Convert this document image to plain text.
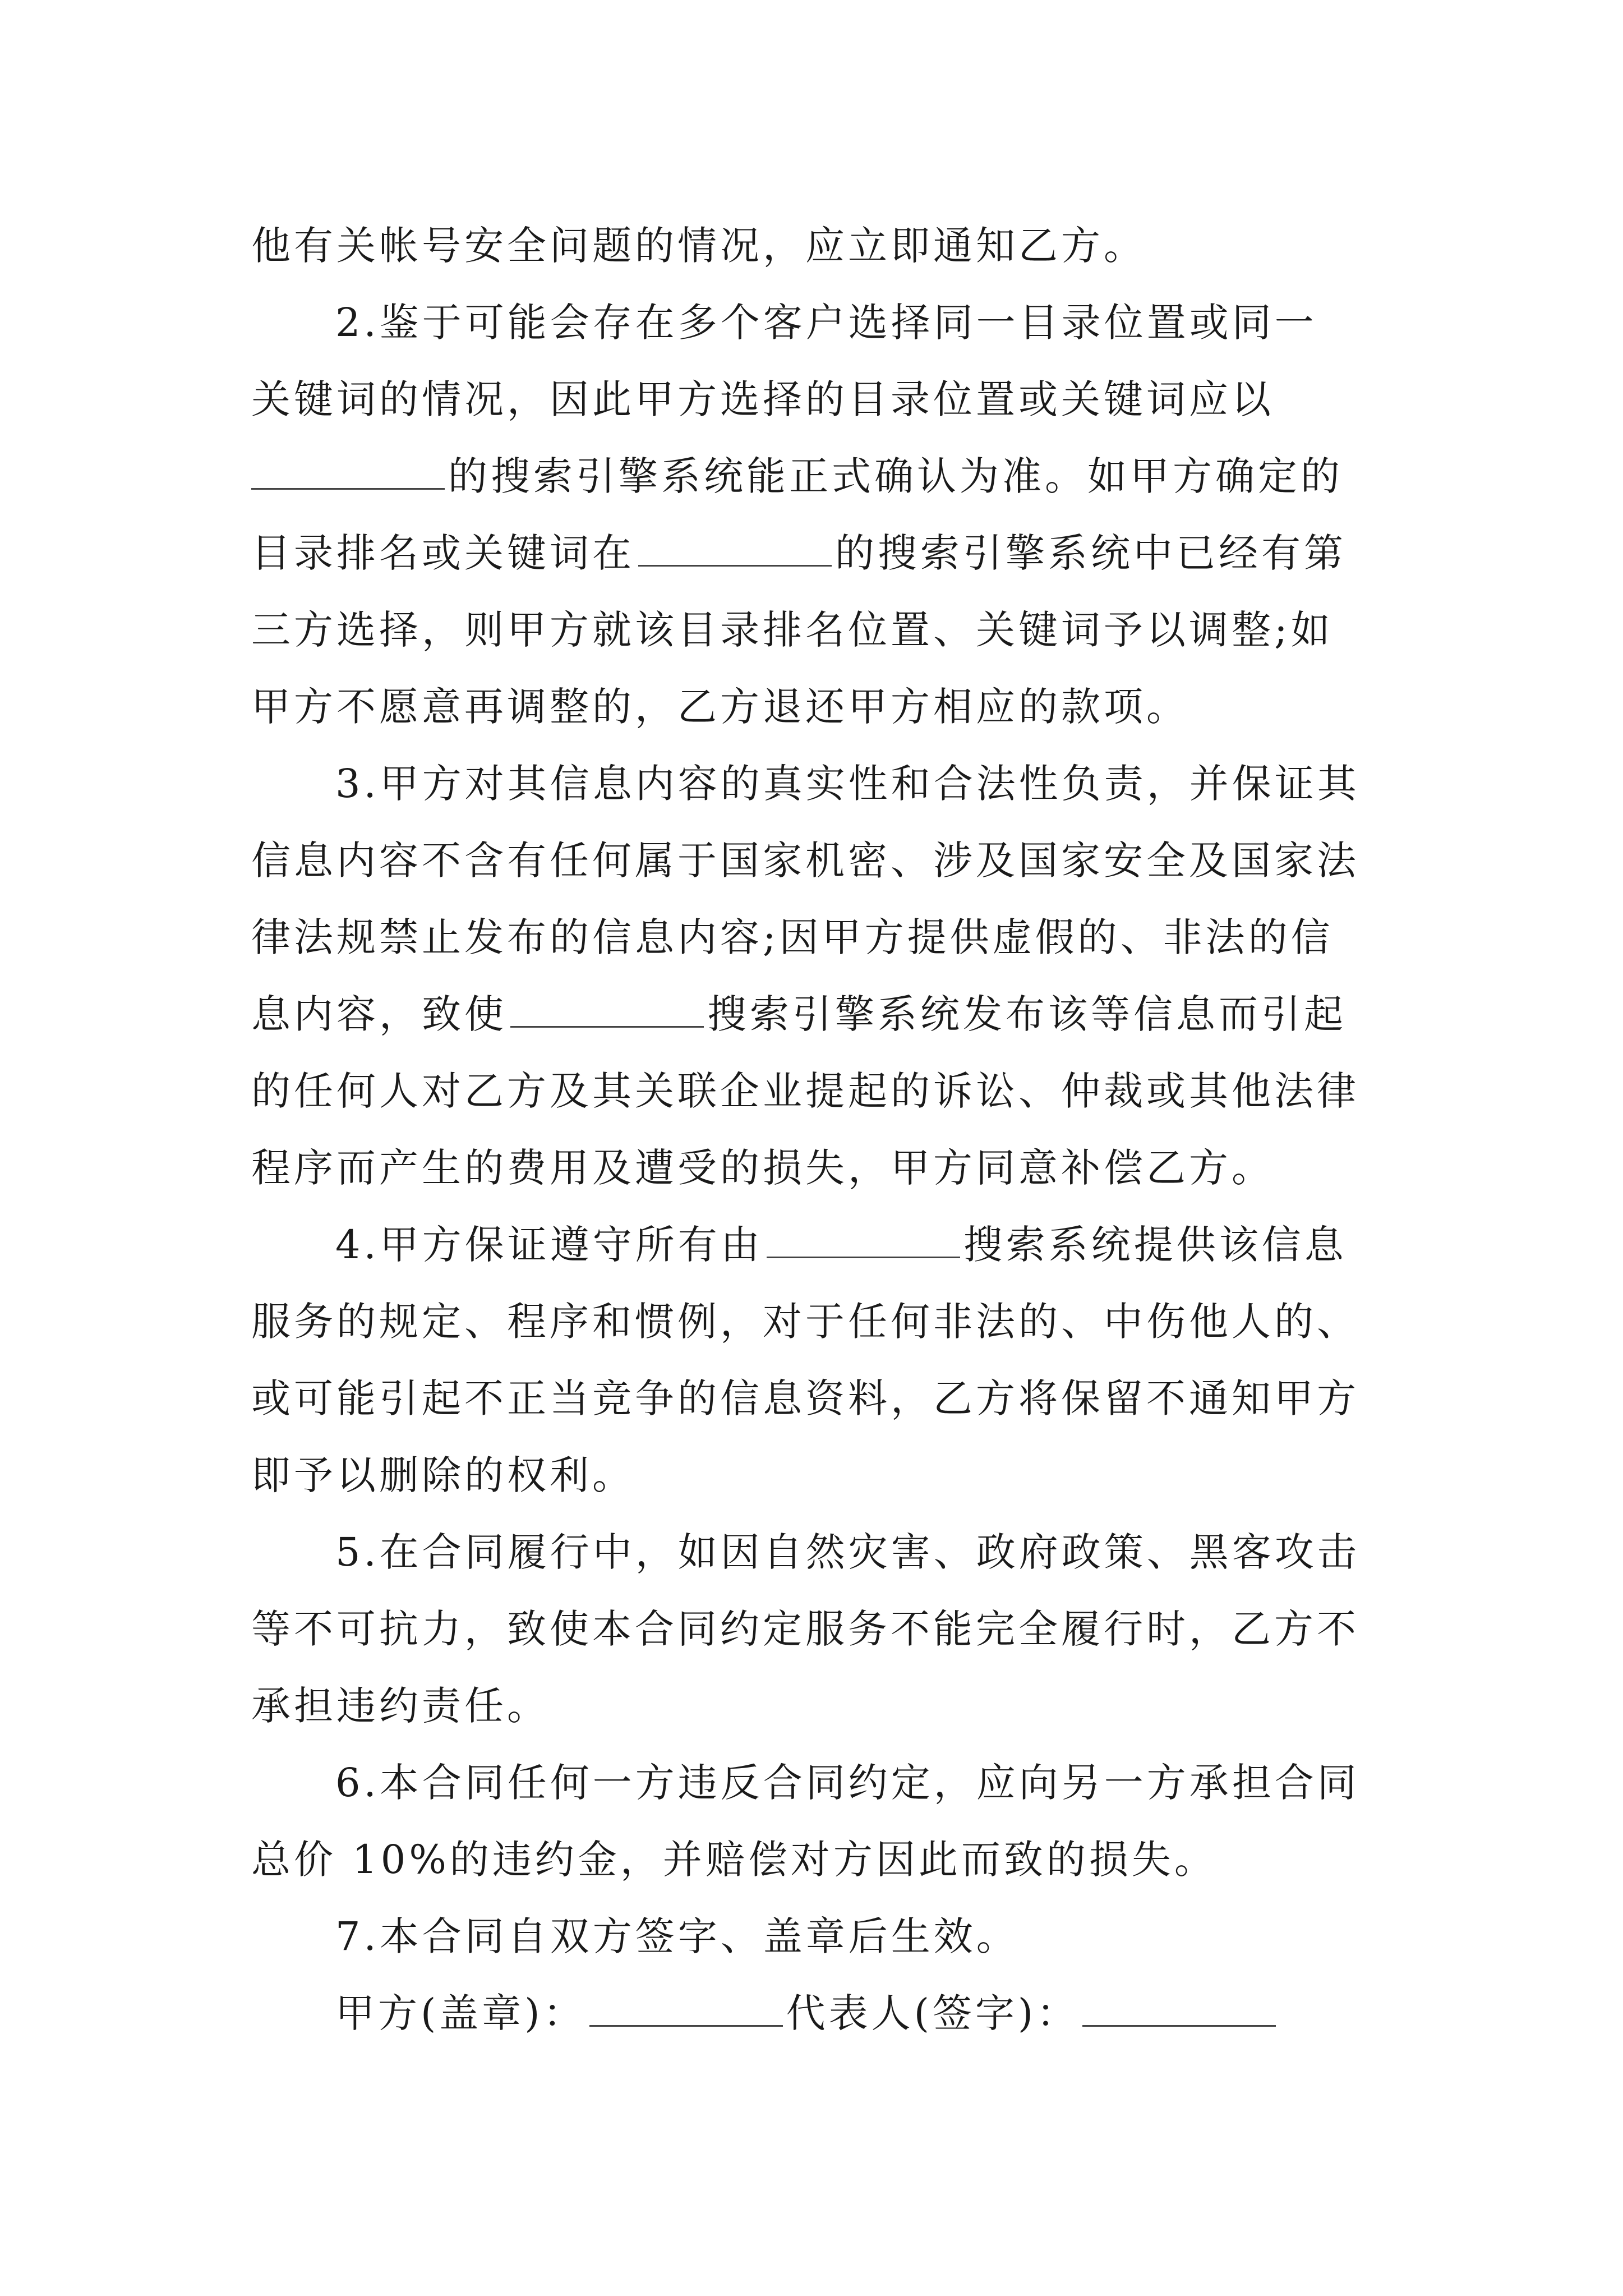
他有关帐号安全问题的情况，应立即通知乙方。
2.鉴于可能会存在多个客户选择同一目录位置或同一
关键词的情况，因此甲方选择的目录位置或关键词应以
的搜索引擎系统能正式确认为准。如甲方确定的
目录排名或关键词在	的搜索引擎系统中已经有第
三方选择，则甲方就该目录排名位置、关键词予以调整;如
甲方不愿意再调整的，乙方退还甲方相应的款项。
3.甲方对其信息内容的真实性和合法性负责，并保证其
信息内容不含有任何属于国家机密、涉及国家安全及国家法
律法规禁止发布的信息内容;因甲方提供虚假的、非法的信
息内容，致使	搜索引擎系统发布该等信息而引起
的任何人对乙方及其关联企业提起的诉讼、仲裁或其他法律
程序而产生的费用及遭受的损失，甲方同意补偿乙方。
4.甲方保证遵守所有由	搜索系统提供该信息
服务的规定、程序和惯例，对于任何非法的、中伤他人的、
或可能引起不正当竞争的信息资料，乙方将保留不通知甲方
即予以删除的权利。
5.在合同履行中，如因自然灾害、政府政策、黑客攻击
等不可抗力，致使本合同约定服务不能完全履行时，乙方不
承担违约责任。
6.本合同任何一方违反合同约定，应向另一方承担合同
总价 10%的违约金，并赔偿对方因此而致的损失。
7.本合同自双方签字、盖章后生效。
甲方(盖章)：	代表人(签字)：
